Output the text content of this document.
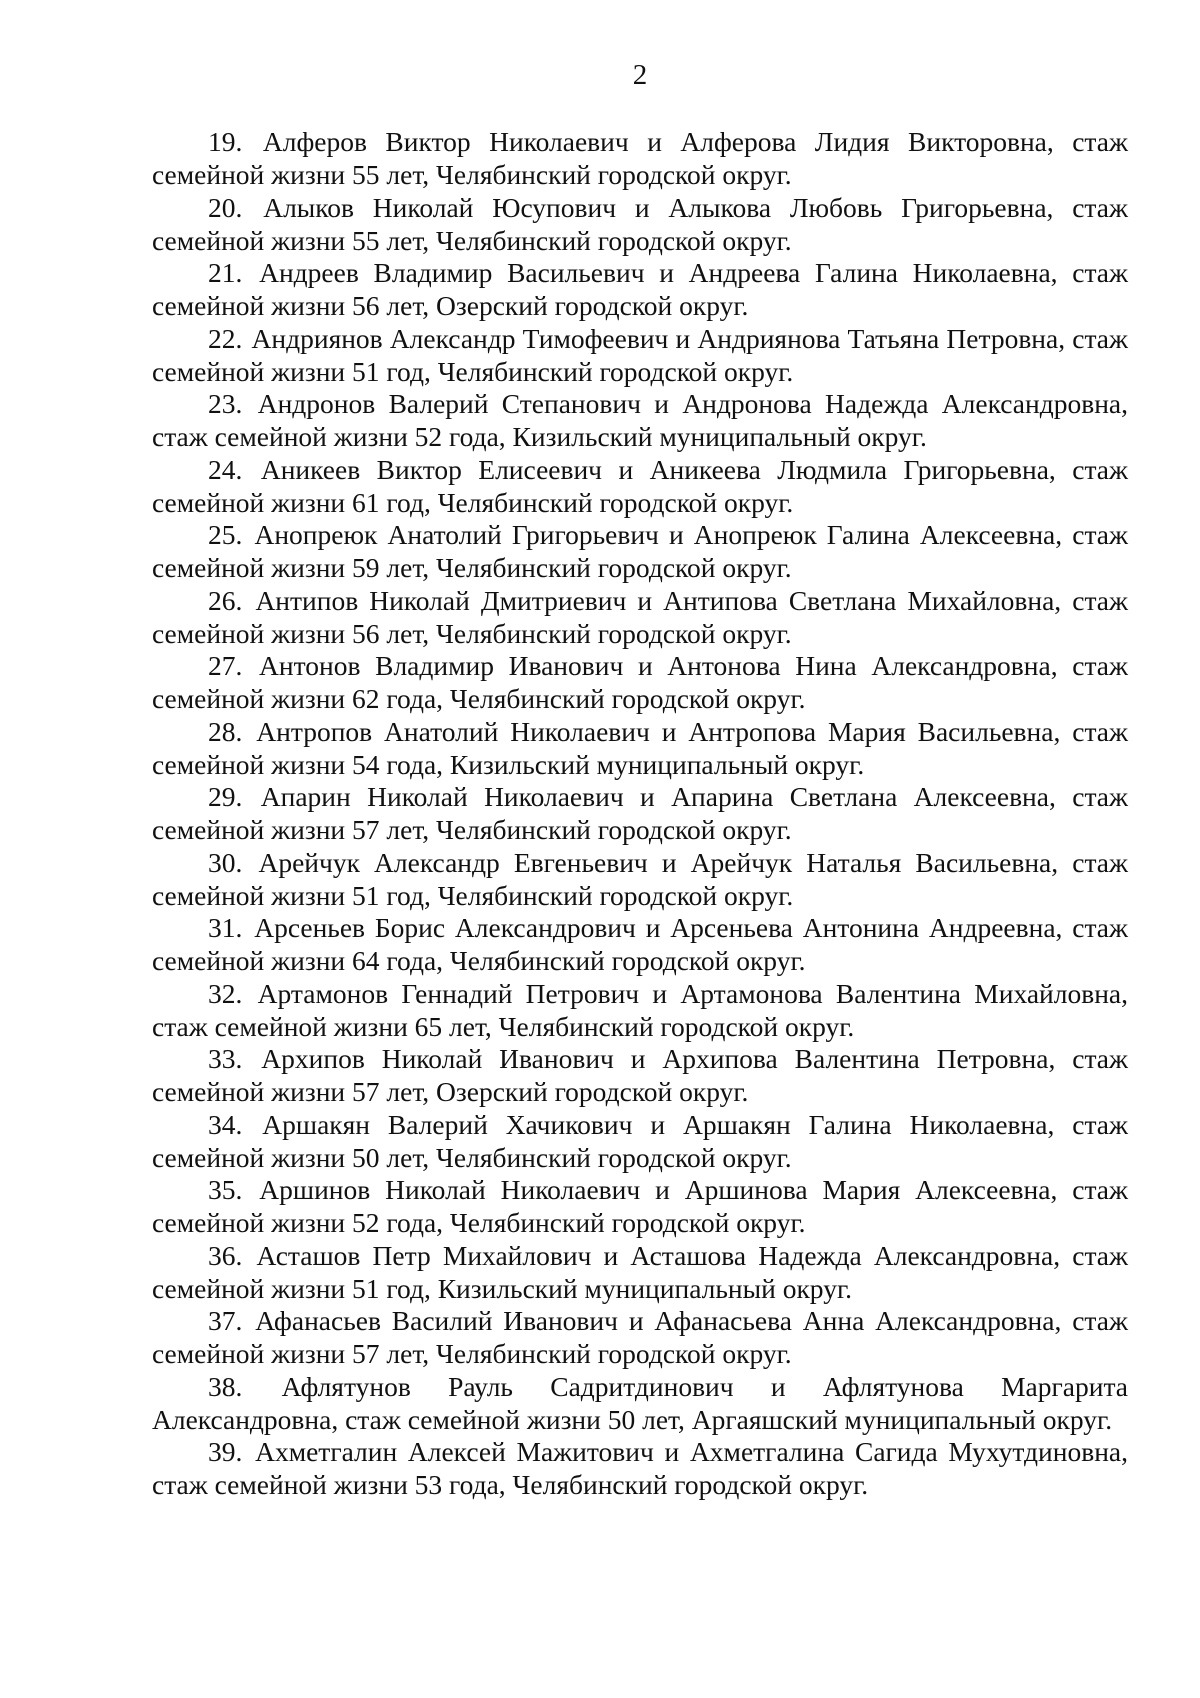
2

19. Алферов Виктор Николаевич и Алферова Лидия Викторовна, стаж семейной жизни 55 лет, Челябинский городской округ.

20. Алыков Николай Юсупович и Алыкова Любовь Григорьевна, стаж семейной жизни 55 лет, Челябинский городской округ.

21. Андреев Владимир Васильевич и Андреева Галина Николаевна, стаж семейной жизни 56 лет, Озерский городской округ.

22. Андриянов Александр Тимофеевич и Андриянова Татьяна Петровна, стаж семейной жизни 51 год, Челябинский городской округ.

23. Андронов Валерий Степанович и Андронова Надежда Александровна, стаж семейной жизни 52 года, Кизильский муниципальный округ.

24. Аникеев Виктор Елисеевич и Аникеева Людмила Григорьевна, стаж семейной жизни 61 год, Челябинский городской округ.

25. Анопреюк Анатолий Григорьевич и Анопреюк Галина Алексеевна, стаж семейной жизни 59 лет, Челябинский городской округ.

26. Антипов Николай Дмитриевич и Антипова Светлана Михайловна, стаж семейной жизни 56 лет, Челябинский городской округ.

27. Антонов Владимир Иванович и Антонова Нина Александровна, стаж семейной жизни 62 года, Челябинский городской округ.

28. Антропов Анатолий Николаевич и Антропова Мария Васильевна, стаж семейной жизни 54 года, Кизильский муниципальный округ.

29. Апарин Николай Николаевич и Апарина Светлана Алексеевна, стаж семейной жизни 57 лет, Челябинский городской округ.

30. Арейчук Александр Евгеньевич и Арейчук Наталья Васильевна, стаж семейной жизни 51 год, Челябинский городской округ.

31. Арсеньев Борис Александрович и Арсеньева Антонина Андреевна, стаж семейной жизни 64 года, Челябинский городской округ.

32. Артамонов Геннадий Петрович и Артамонова Валентина Михайловна, стаж семейной жизни 65 лет, Челябинский городской округ.

33. Архипов Николай Иванович и Архипова Валентина Петровна, стаж семейной жизни 57 лет, Озерский городской округ.

34. Аршакян Валерий Хачикович и Аршакян Галина Николаевна, стаж семейной жизни 50 лет, Челябинский городской округ.

35. Аршинов Николай Николаевич и Аршинова Мария Алексеевна, стаж семейной жизни 52 года, Челябинский городской округ.

36. Асташов Петр Михайлович и Асташова Надежда Александровна, стаж семейной жизни 51 год, Кизильский муниципальный округ.

37. Афанасьев Василий Иванович и Афанасьева Анна Александровна, стаж семейной жизни 57 лет, Челябинский городской округ.

38. Афлятунов Рауль Садритдинович и Афлятунова Маргарита Александровна, стаж семейной жизни 50 лет, Аргаяшский муниципальный округ.

39. Ахметгалин Алексей Мажитович и Ахметгалина Сагида Мухутдиновна, стаж семейной жизни 53 года, Челябинский городской округ.
